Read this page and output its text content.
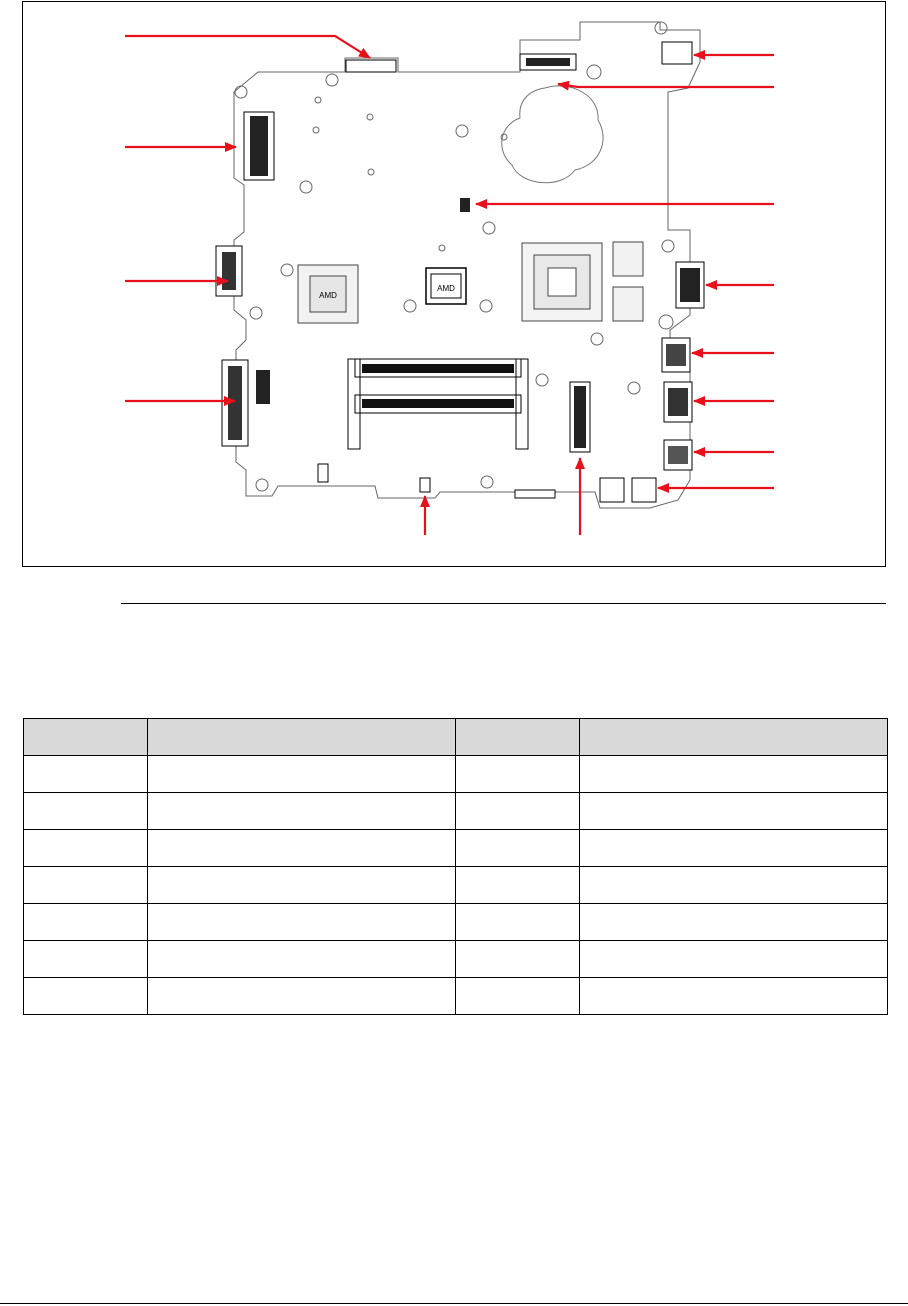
AMD
AMD
